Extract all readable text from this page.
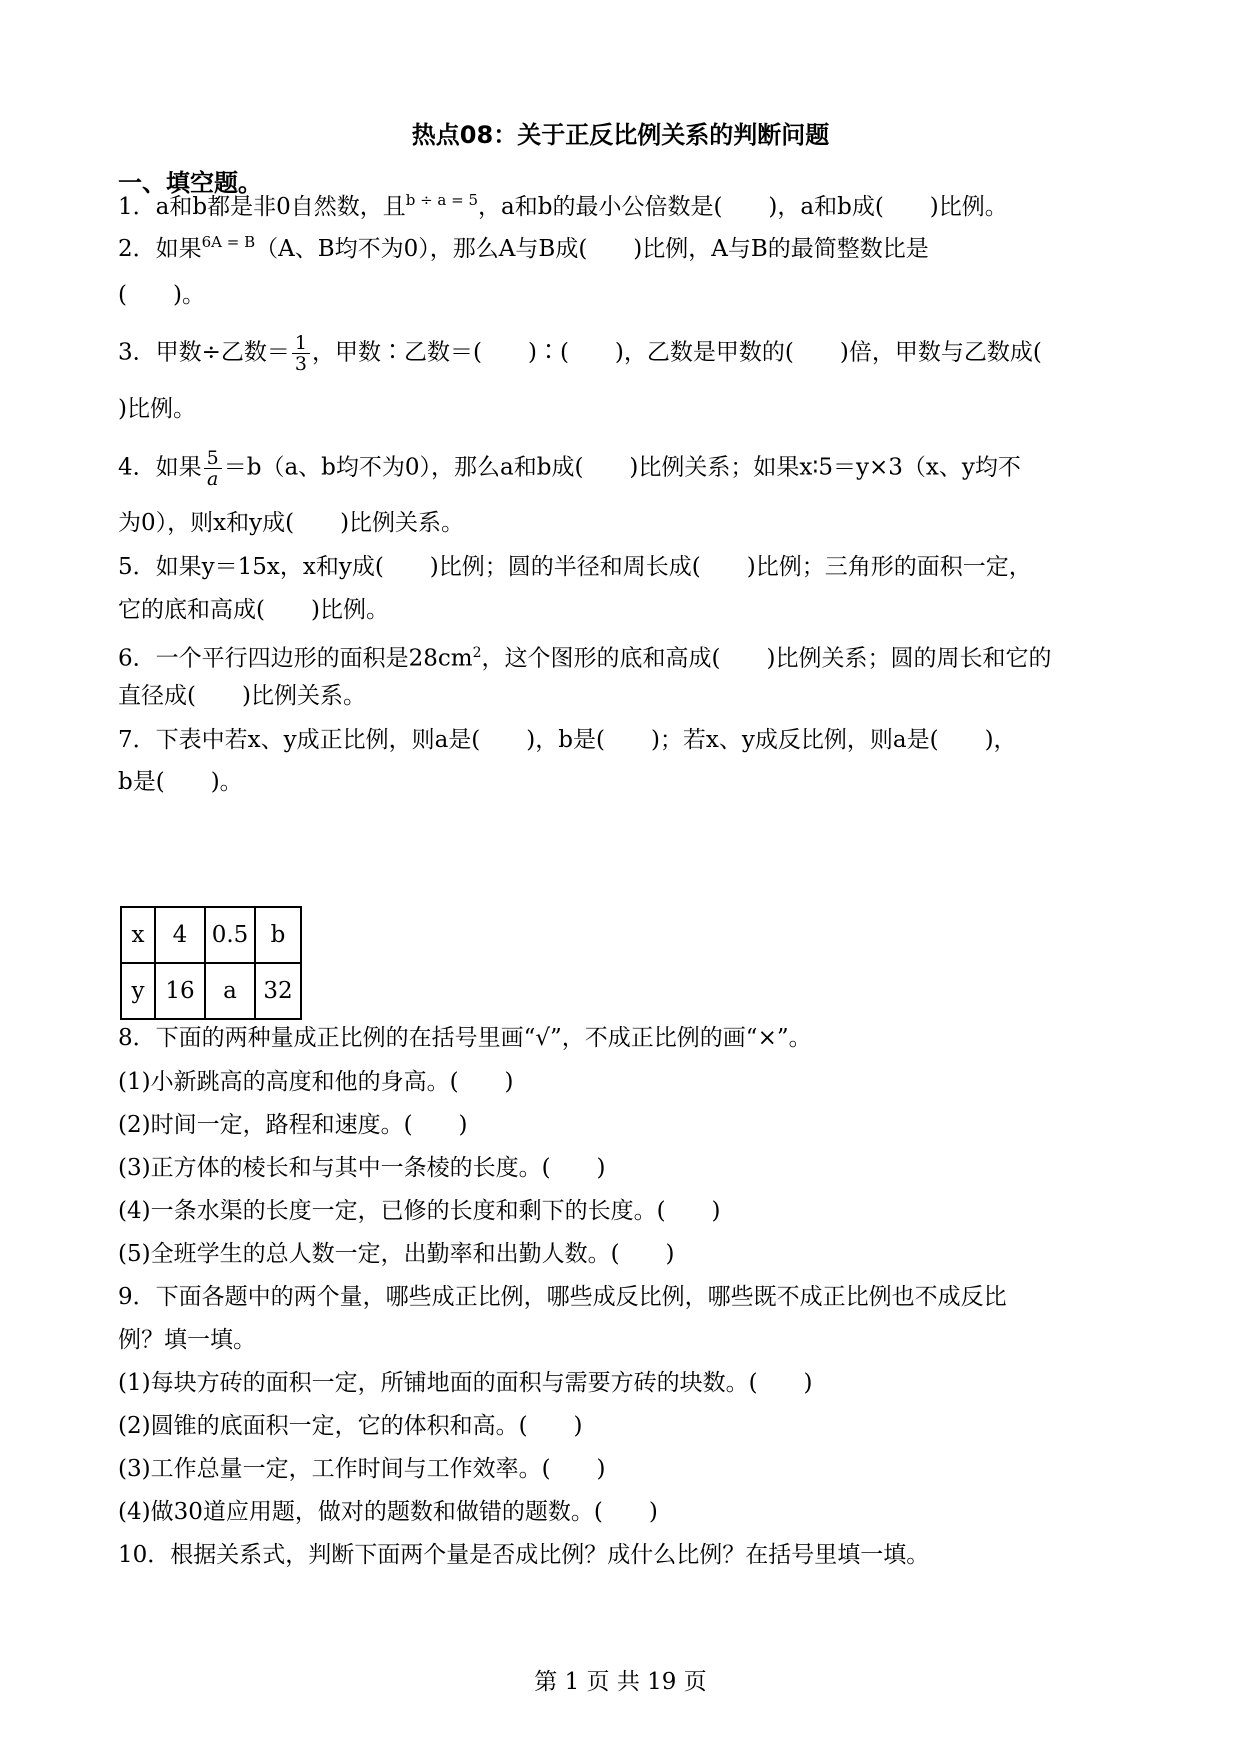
热点08：关于正反比例关系的判断问题
一、填空题。
1．a和b都是非0自然数，且$^{b \div a = 5}$，a和b的最小公倍数是(　　)，a和b成(　　)比例。
2．如果$^{6A = B}$（A、B均不为0），那么A与B成(　　)比例，A与B的最简整数比是
(　　)。
3．甲数÷乙数＝ $\frac{1}{3}$ ，甲数∶乙数＝(　　)∶(　　)，乙数是甲数的(　　)倍，甲数与乙数成(
)比例。
4．如果 $\frac{5}{a} =b(a$、b均不为0），那么a和b成(　　)比例关系；如果x∶5＝y×3（x、y均不
为0），则x和y成(　　)比例关系。
5．如果y＝15x，x和y成(　　)比例；圆的半径和周长成(　　)比例；三角形的面积一定，
它的底和高成(　　)比例。
6．一个平行四边形的面积是$28cm^2$，这个图形的底和高成(　　)比例关系；圆的周长和它的
直径成(　　)比例关系。
7．下表中若x、y成正比例，则a是(　　)，b是(　　)；若x、y成反比例，则a是(　　)，
b是(　　)。
x	4	0.5	b
y	16	a	32
8．下面的两种量成正比例的在括号里画“√”，不成正比例的画“×”。
(1)小新跳高的高度和他的身高。(　　)
(2)时间一定，路程和速度。(　　)
(3)正方体的棱长和与其中一条棱的长度。(　　)
(4)一条水渠的长度一定，已修的长度和剩下的长度。(　　)
(5)全班学生的总人数一定，出勤率和出勤人数。(　　)
9．下面各题中的两个量，哪些成正比例，哪些成反比例，哪些既不成正比例也不成反比
例？填一填。
(1)每块方砖的面积一定，所铺地面的面积与需要方砖的块数。(　　)
(2)圆锥的底面积一定，它的体积和高。(　　)
(3)工作总量一定，工作时间与工作效率。(　　)
(4)做30道应用题，做对的题数和做错的题数。(　　)
10．根据关系式，判断下面两个量是否成比例？成什么比例？在括号里填一填。
第 1 页 共 19 页
